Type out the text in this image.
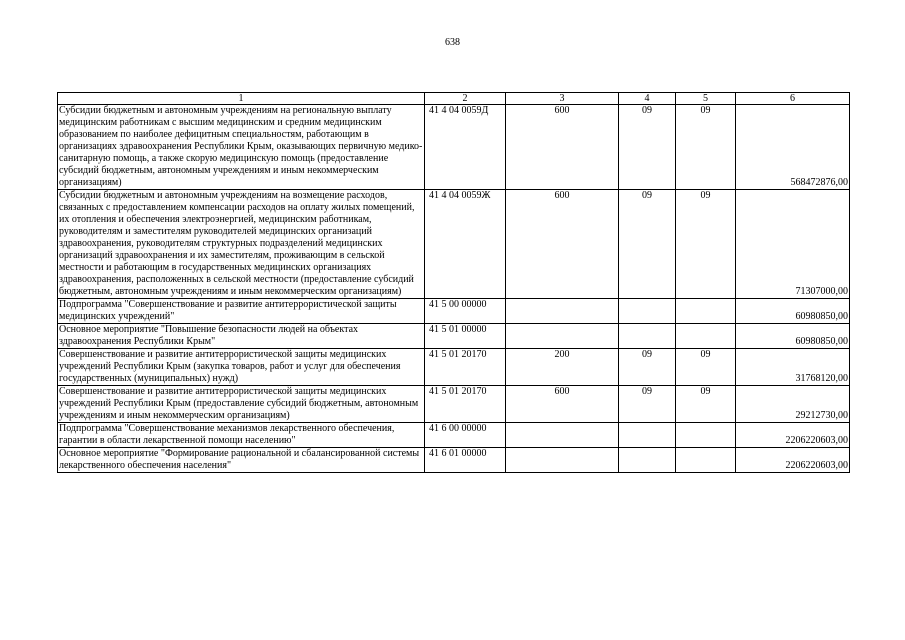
638
1	2	3	4	5	6
Субсидии бюджетным и автономным учреждениям на региональную выплату медицинским работникам с высшим медицинским и средним медицинским образованием по наиболее дефицитным специальностям, работающим в организациях здравоохранения Республики Крым, оказывающих первичную медико-санитарную помощь, а также скорую медицинскую помощь (предоставление субсидий бюджетным, автономным учреждениям и иным некоммерческим организациям)	41 4 04 0059Д	600	09	09	568472876,00
Субсидии бюджетным и автономным учреждениям на возмещение расходов, связанных с предоставлением компенсации расходов на оплату жилых помещений, их отопления и обеспечения электроэнергией, медицинским работникам, руководителям и заместителям руководителей медицинских организаций здравоохранения, руководителям структурных подразделений медицинских организаций здравоохранения и их заместителям, проживающим в сельской местности и работающим в государственных медицинских организациях здравоохранения, расположенных в сельской местности (предоставление субсидий бюджетным, автономным учреждениям и иным некоммерческим организациям)	41 4 04 0059Ж	600	09	09	71307000,00
Подпрограмма "Совершенствование и развитие антитеррористической защиты медицинских учреждений"	41 5 00 00000				60980850,00
Основное мероприятие "Повышение безопасности людей на объектах здравоохранения Республики Крым"	41 5 01 00000				60980850,00
Совершенствование и развитие антитеррористической защиты медицинских учреждений Республики Крым (закупка товаров, работ и услуг для обеспечения государственных (муниципальных) нужд)	41 5 01 20170	200	09	09	31768120,00
Совершенствование и развитие антитеррористической защиты медицинских учреждений Республики Крым (предоставление субсидий бюджетным, автономным учреждениям и иным некоммерческим организациям)	41 5 01 20170	600	09	09	29212730,00
Подпрограмма "Совершенствование механизмов лекарственного обеспечения, гарантии в области лекарственной помощи населению"	41 6 00 00000				2206220603,00
Основное мероприятие "Формирование рациональной и сбалансированной системы лекарственного обеспечения населения"	41 6 01 00000				2206220603,00
